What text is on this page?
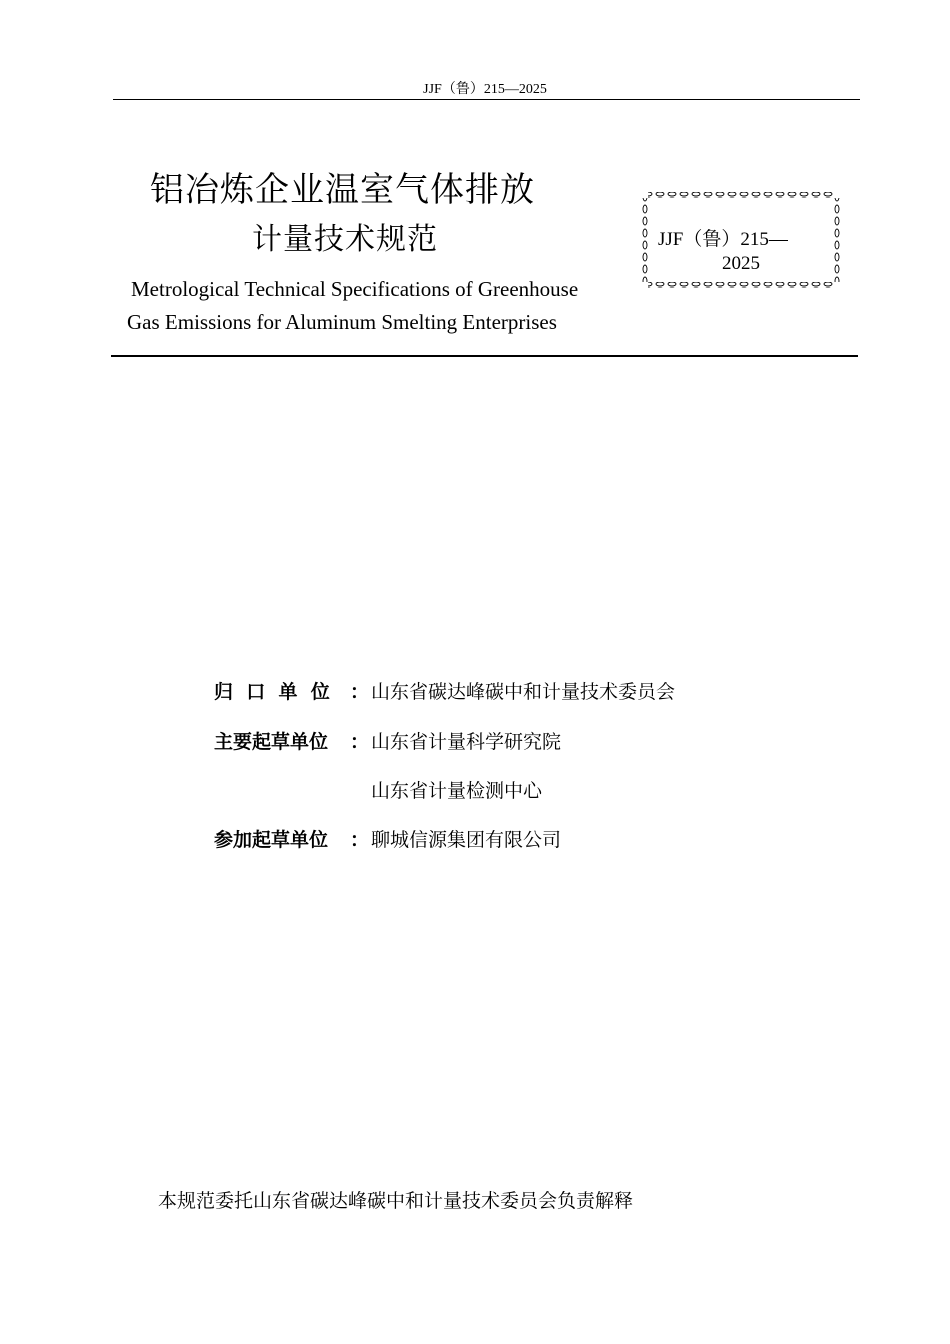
JJF（鲁）215—2025
铝冶炼企业温室气体排放
计量技术规范
Metrological Technical Specifications of Greenhouse
Gas Emissions for Aluminum Smelting Enterprises
JJF（鲁）215—
2025
归  口  单  位	： 山东省碳达峰碳中和计量技术委员会
主要起草单位	： 山东省计量科学研究院
山东省计量检测中心
参加起草单位	： 聊城信源集团有限公司
本规范委托山东省碳达峰碳中和计量技术委员会负责解释
